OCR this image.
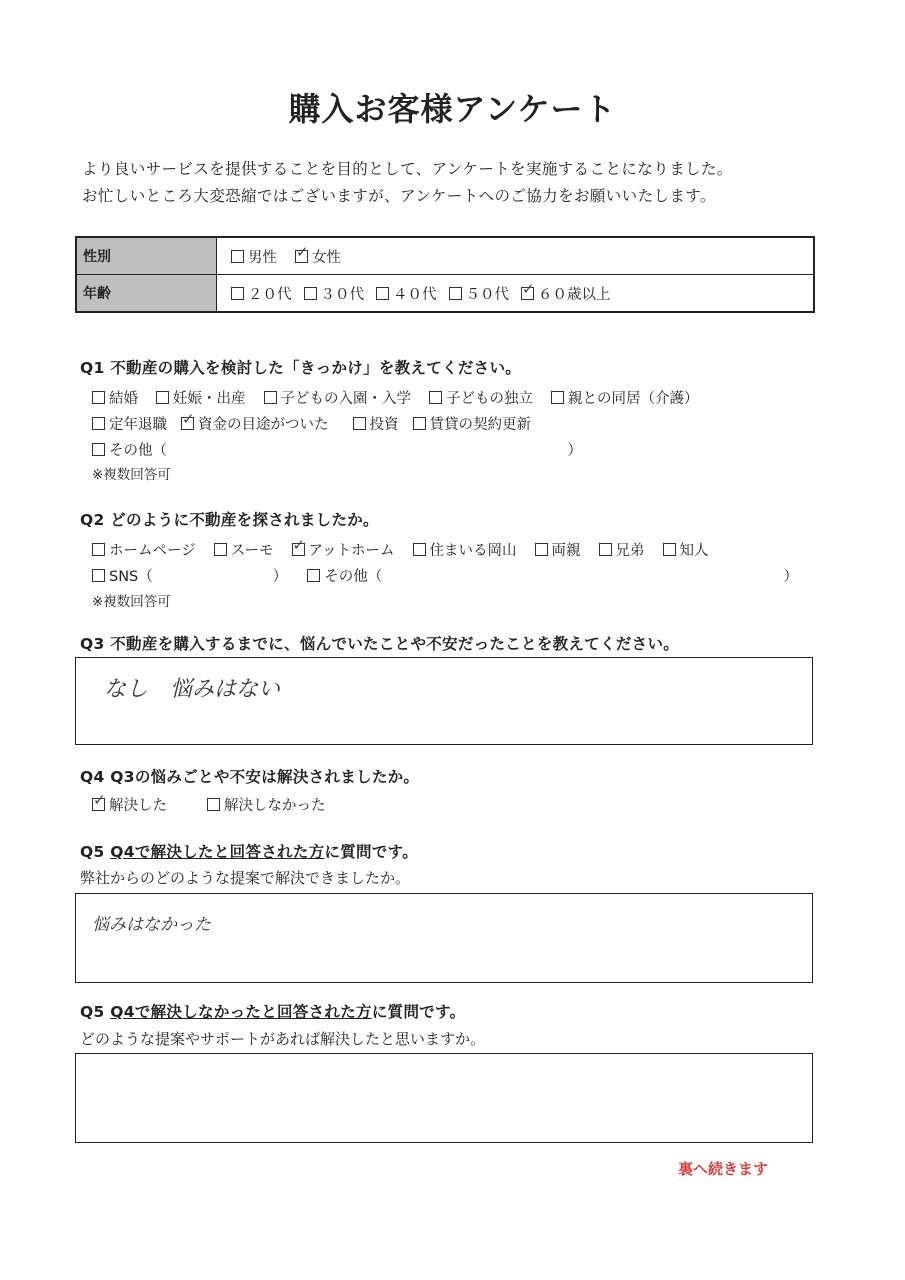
購入お客様アンケート
より良いサービスを提供することを目的として、アンケートを実施することになりました。
お忙しいところ大変恐縮ではございますが、アンケートへのご協力をお願いいたします。
性別	男性 ✓ 女性
年齢	２０代 ３０代 ４０代 ５０代 ✓ ６０歳以上
Q1 不動産の購入を検討した「きっかけ」を教えてください。
結婚 妊娠・出産 子どもの入園・入学 子どもの独立 親との同居（介護）
定年退職 ✓ 資金の目途がついた	投資 賃貸の契約更新
その他（	）
※複数回答可
Q2 どのように不動産を探されましたか。
ホームページ スーモ ✓ アットホーム 住まいる岡山 両親 兄弟 知人
SNS（	）	その他（	）
※複数回答可
Q3 不動産を購入するまでに、悩んでいたことや不安だったことを教えてください。
なし　悩みはない
Q4 Q3の悩みごとや不安は解決されましたか。
✓
解決した	解決しなかった
Q5 Q4で解決したと回答された方に質問です。
弊社からのどのような提案で解決できましたか。
悩みはなかった
Q5 Q4で解決しなかったと回答された方に質問です。
どのような提案やサポートがあれば解決したと思いますか。
裏へ続きます
